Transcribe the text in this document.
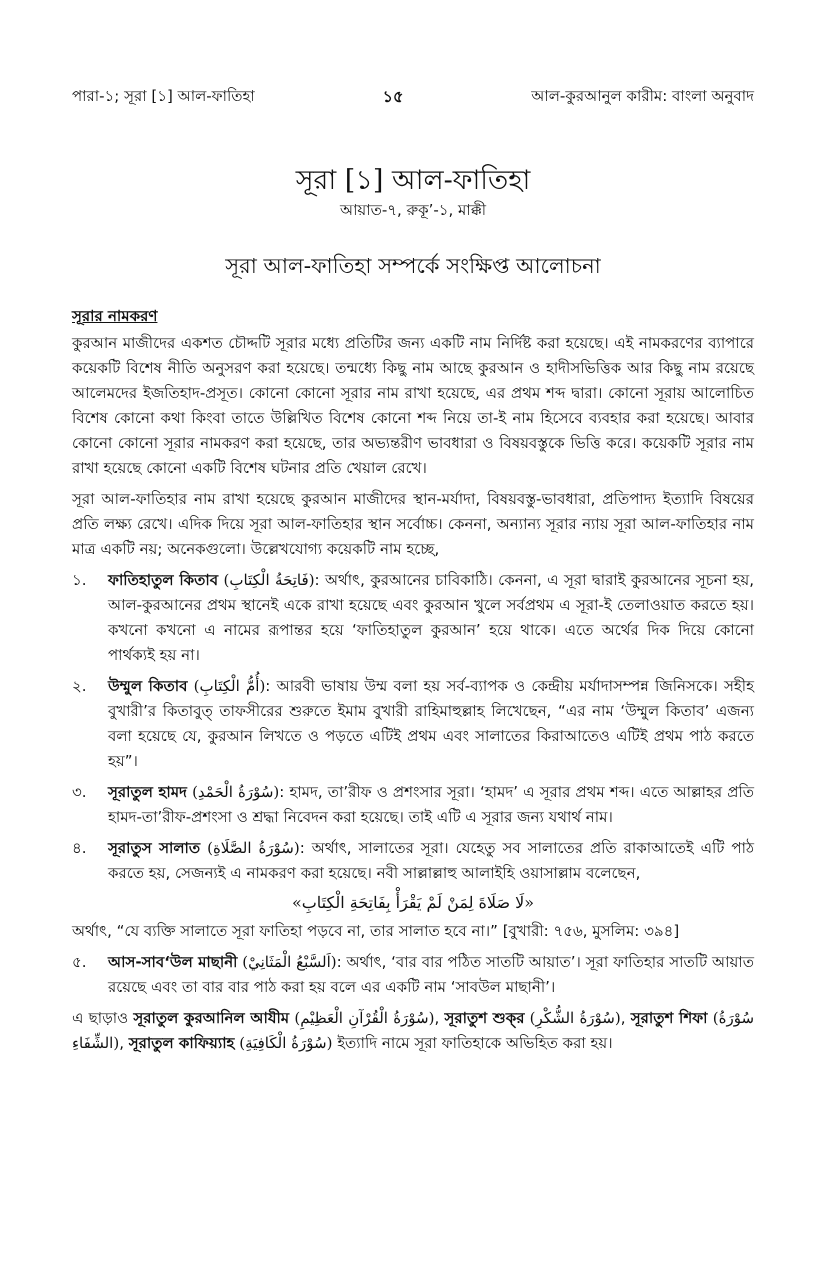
পারা-১; সূরা [১] আল-ফাতিহা	১৫	আল-কুরআনুল কারীম: বাংলা অনুবাদ
সূরা [১] আল-ফাতিহা
আয়াত-৭, রুকূ’-১, মাক্কী
সূরা আল-ফাতিহা সম্পর্কে সংক্ষিপ্ত আলোচনা
সূরার নামকরণ

কুরআন মাজীদের একশত চৌদ্দটি সূরার মধ্যে প্রতিটির জন্য একটি নাম নির্দিষ্ট করা হয়েছে। এই নামকরণের ব্যাপারে কয়েকটি বিশেষ নীতি অনুসরণ করা হয়েছে। তন্মধ্যে কিছু নাম আছে কুরআন ও হাদীসভিত্তিক আর কিছু নাম রয়েছে আলেমদের ইজতিহাদ-প্রসূত। কোনো কোনো সূরার নাম রাখা হয়েছে, এর প্রথম শব্দ দ্বারা। কোনো সূরায় আলোচিত বিশেষ কোনো কথা কিংবা তাতে উল্লিখিত বিশেষ কোনো শব্দ নিয়ে তা-ই নাম হিসেবে ব্যবহার করা হয়েছে। আবার কোনো কোনো সূরার নামকরণ করা হয়েছে, তার অভ্যন্তরীণ ভাবধারা ও বিষয়বস্তুকে ভিত্তি করে। কয়েকটি সূরার নাম রাখা হয়েছে কোনো একটি বিশেষ ঘটনার প্রতি খেয়াল রেখে।

সূরা আল-ফাতিহার নাম রাখা হয়েছে কুরআন মাজীদের স্থান-মর্যাদা, বিষয়বস্তু-ভাবধারা, প্রতিপাদ্য ইত্যাদি বিষয়ের প্রতি লক্ষ্য রেখে। এদিক দিয়ে সূরা আল-ফাতিহার স্থান সর্বোচ্চ। কেননা, অন্যান্য সূরার ন্যায় সূরা আল-ফাতিহার নাম মাত্র একটি নয়; অনেকগুলো। উল্লেখযোগ্য কয়েকটি নাম হচ্ছে,

১.	ফাতিহাতুল কিতাব (فَاتِحَةُ الْكِتَابِ): অর্থাৎ, কুরআনের চাবিকাঠি। কেননা, এ সূরা দ্বারাই কুরআনের সূচনা হয়, আল-কুরআনের প্রথম স্থানেই একে রাখা হয়েছে এবং কুরআন খুলে সর্বপ্রথম এ সূরা-ই তেলাওয়াত করতে হয়। কখনো কখনো এ নামের রূপান্তর হয়ে ‘ফাতিহাতুল কুরআন’ হয়ে থাকে। এতে অর্থের দিক দিয়ে কোনো পার্থক্যই হয় না।
২.	উম্মুল কিতাব (أُمُّ الْكِتَابِ): আরবী ভাষায় উম্ম বলা হয় সর্ব-ব্যাপক ও কেন্দ্রীয় মর্যাদাসম্পন্ন জিনিসকে। সহীহ বুখারী’র কিতাবুত্ তাফসীরের শুরুতে ইমাম বুখারী রাহিমাহুল্লাহ লিখেছেন, “এর নাম ‘উম্মুল কিতাব’ এজন্য বলা হয়েছে যে, কুরআন লিখতে ও পড়তে এটিই প্রথম এবং সালাতের কিরাআতেও এটিই প্রথম পাঠ করতে হয়”।
৩.	সূরাতুল হামদ (سُوْرَةُ الْحَمْدِ): হামদ, তা’রীফ ও প্রশংসার সূরা। ‘হামদ’ এ সূরার প্রথম শব্দ। এতে আল্লাহর প্রতি হামদ-তা’রীফ-প্রশংসা ও শ্রদ্ধা নিবেদন করা হয়েছে। তাই এটি এ সূরার জন্য যথার্থ নাম।
৪.	সূরাতুস সালাত (سُوْرَةُ الصَّلَاةِ): অর্থাৎ, সালাতের সূরা। যেহেতু সব সালাতের প্রতি রাকাআতেই এটি পাঠ করতে হয়, সেজন্যই এ নামকরণ করা হয়েছে। নবী সাল্লাল্লাহু আলাইহি ওয়াসাল্লাম বলেছেন,
«لَا صَلَاةَ لِمَنْ لَمْ يَقْرَأْ بِفَاتِحَةِ الْكِتَابِ»

অর্থাৎ, “যে ব্যক্তি সালাতে সূরা ফাতিহা পড়বে না, তার সালাত হবে না।” [বুখারী: ৭৫৬, মুসলিম: ৩৯৪]

৫.	আস-সাব‘উল মাছানী (اَلسَّبْعُ الْمَثَانِيْ): অর্থাৎ, ‘বার বার পঠিত সাতটি আয়াত’। সূরা ফাতিহার সাতটি আয়াত রয়েছে এবং তা বার বার পাঠ করা হয় বলে এর একটি নাম ‘সাবউল মাছানী’।

এ ছাড়াও সূরাতুল কুরআনিল আযীম (سُوْرَةُ الْقُرْآنِ الْعَظِيْمِ), সূরাতুশ শুক্‌র (سُوْرَةُ الشُّكْرِ), সূরাতুশ শিফা (سُوْرَةُ الشِّفَاءِ), সূরাতুল কাফিয়্যাহ (سُوْرَةُ الْكَافِيَةِ) ইত্যাদি নামে সূরা ফাতিহাকে অভিহিত করা হয়।
